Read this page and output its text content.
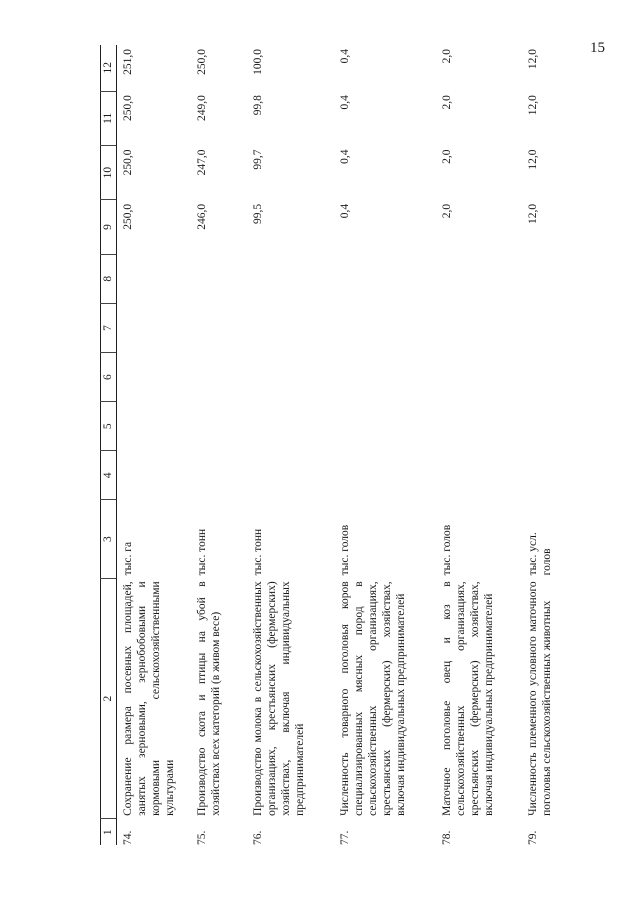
15
1	2	3	4	5	6	7	8	9	10	11	12
74.	Сохранение размера посевных площадей, занятых зерновыми, зернобобовыми и кормовыми сельскохозяйственными культурами	тыс. га						250,0	250,0	250,0	251,0
75.	Производство скота и птицы на убой в хозяйствах всех категорий (в живом весе)	тыс. тонн						246,0	247,0	249,0	250,0
76.	Производство молока в сельскохозяйственных организациях, крестьянских (фермерских) хозяйствах, включая индивидуальных предпринимателей	тыс. тонн						99,5	99,7	99,8	100,0
77.	Численность товарного поголовья коров специализированных мясных пород в сельскохозяйственных организациях, крестьянских (фермерских) хозяйствах, включая индивидуальных предпринимателей	тыс. голов						0,4	0,4	0,4	0,4
78.	Маточное поголовье овец и коз в сельскохозяйственных организациях, крестьянских (фермерских) хозяйствах, включая индивидуальных предпринимателей	тыс. голов						2,0	2,0	2,0	2,0
79.	Численность племенного условного маточного поголовья сельскохозяйственных животных	тыс. усл. голов						12,0	12,0	12,0	12,0
